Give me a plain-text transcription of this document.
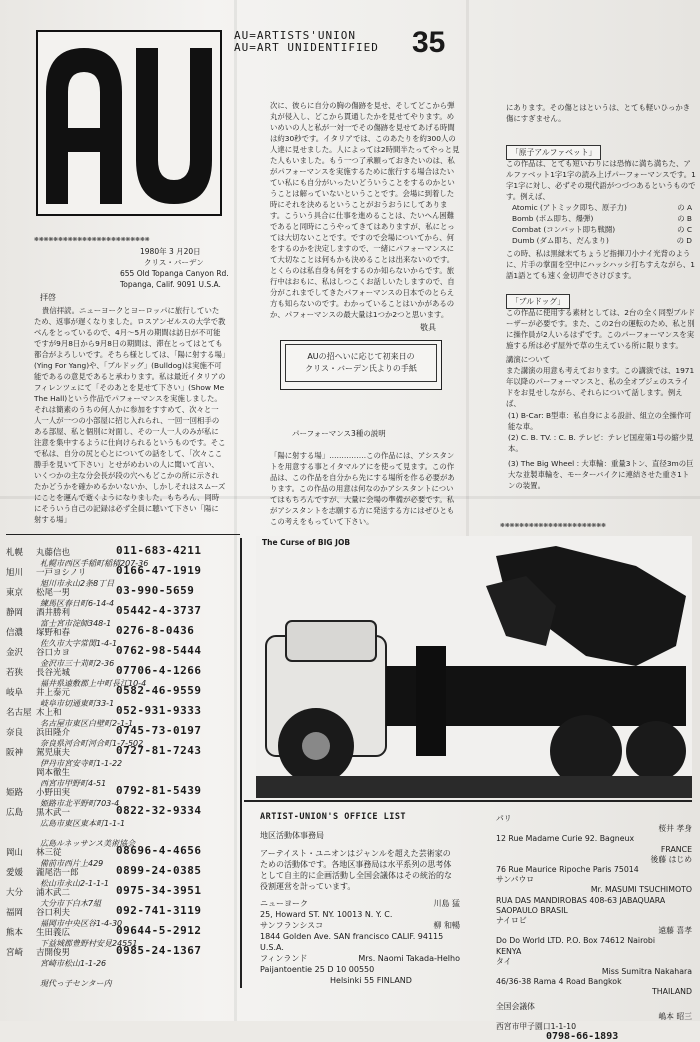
AU=ARTISTS'UNION
AU=ART UNIDENTIFIED 35
❋❋❋❋❋❋❋❋❋❋❋❋❋❋❋❋❋❋❋❋❋❋❋❋
1980年 3 月20日
クリス・バーデン
655 Old Topanga Canyon Rd.
Topanga, Calif. 9091 U.S.A.
拝啓
貴信拝読。ニューヨークとヨーロッパに旅行していたため、返事が遅くなりました。ロスアンゼルスの大学で教べんをとっているので、4月～5月の期間は訪日が不可能ですが9月8日から9月8日の期間は、滞在とってはとても都合がよろしいです。そちら様としては、「陽に射する場」(Ying For Yang)や、「ブルドッグ」(Bulldog)は実施不可能であるの意見であると承わります。私は最近イタリアのフィレンツェにて「そのあとを見せて下さい」(Show Me The Hall)という作品でパフォーマンスを実施しました。それは簡素のうちの何人かに参加をすすめて、次々と一人一人が一つの小部屋に招じ入れられ、一回一回相手のある部屋、私と個別に対面し、その一人一人のみが私に注意を集中するように仕向けられるというものです。そこで私は、自分の尻と心とについての話をして、「次々ここ勝手を見いて下さい」とせがめわいの人に聞いて言い、いくつかの主な分会長が段の穴へもどこかの所に示されたかどうかを確かめるかいないか、しかしそれはスムーズにことを運んで逝くようになりました。もちろん、同時にそういう自己の記録は必ず全員に聴いて下さい「陽に射する場」
次に、彼らに自分の胸の傷跡を見せ、そしてどこから弾丸が侵入し、どこから貫通したかを見せてやります。めいめいの人と私が一対一でその傷跡を見せてあげる時間は約30秒です。イタリアでは、このあたりを約300人の人達に見せました。人によっては2時間半たってやっと見た人もいました。もう一つ了承願っておきたいのは、私がパフォーマンスを実施するために旅行する場合はたいてい私にも自分がいったいどういうことをするのかということは解っていないということです。会場に到着した時にそれを決めるということがおうおうにしてあります。こういう具合に仕事を進めることは、たいへん困難であると同時にこうやってきてはありますが、私にとっては大切ないことです。ですので会場についてから、何をするのかを決定しますので、一緒にパフォーマンスにて大切なことは何もかも決めることは出来ないのです。とくらのは私自身も何をするのか知らないからです。旅行中はおもに、私はしつこくお話しいたしますので、自分がこれまでしてきたパフォーマンスの日本でのとらえ方も知らないのです。わかっていることはいかがあるのか、パフォーマンスの最大量は1つか2つと思います。
敬具
AUの招へいに応じて初来日の
クリス・バーデン氏よりの手紙
パーフォーマンス3種の説明
「陽に射する場」……………この作品には、アシスタントを用意する事とイタマルアにを使って見ます。この作品は、この作品を自分から先にする場所を作る必要があります。この作品の用意は何なのかアシスタントについてはもちろんですが、大量に会場の準備が必要です。私がアシスタントを志願する方に発送する方にはぜひともこの考えをもっていて下さい。
にあります。その傷とはというは、とても軽いひっかき傷にすぎません。
「原子アルファベット」
この作品は、とても短いわりには恐怖に満ち満ちた、アルファベット1字1字の読み上げパーフォーマンスです。1字1字に対し、必ずその現代語がつづつあるというものです。例えば、
Atomic (アトミック即ち、原子力)	の A
Bomb (ボム即ち、爆弾)	の B
Combat (コンバット即ち戦闘)	の C
Dumb (ダム即ち、だんまり)	の D
この時、私は黒縁末てちょうど指揮刀小ナイ光背のように、片手の掌面を空中にハッシハッシ打ちすえながら、1語1語とても速く金切声でさけびます。
「ブルドッグ」
この作品に使用する素材としては、2台の全く同型ブルドーザーが必要です。また、この2台の運転のため、私と別に操作員が2人いるはずです。このパーフォーマンスを実施する所は必ず屋外で草の生えている所に限ります。
講演について
また講演の用意も考えております。この講演では、1971年以降のパーフォーマンスと、私の全オブジェのスライドをお見せしながら、それらについて話します。例えば、
(1) B-Car: B型車：私自身による設計、組立の全操作可能な車。
(2) C. B. TV. : C. B. テレビ：テレビ国産第1号の縮少見本。
(3) The Big Wheel : 大車輪：重量3トン、直径3mの巨大な並製車輪を、モーターバイクに連結させた重さ1トンの装置。
❋❋❋❋❋❋❋❋❋❋❋❋❋❋❋❋❋❋❋❋❋❋
札幌 丸藤信也	011-683-4211
札幌市西区手稲町稲積207-36
旭川 一戸ヨシノリ	0166-47-1919
旭川市永山2条8丁目
東京 松尾一男	03-990-5659
練馬区春日町6-14-4
静岡 酒井勝利	05442-4-3737
富士宮市淀師348-1
信濃 塚野和春	0276-8-0436
佐久市大字常関1-4-1
金沢 谷口カヨ	0762-98-5444
金沢市三十苅町2-36
若狭 長谷光城	07706-4-1266
福井県遠敷郡上中町長江10-4
岐阜 井上泰元	0582-46-9559
岐阜市切通東町33-1
名古屋 木上和	052-931-9333
名古屋市東区白壁町2-1-1
奈良 浜田隆介	0745-73-0197
奈良県河合町河合町1-7-502
阪神 駕児康夫	0727-81-7243
伊丹市宮安寺町1-1-22
岡本徹生
西宮市甲野町4-51
姫路 小野田実	0792-81-5439
姫路市北平野町703-4
広島 黒木武一	0822-32-9334
広島市東区東本町1-1-1
広島ルネッサンス美術協会
岡山 林三従	08696-4-4656
備前市西片上429
愛媛 瀧尾浩一郎	0899-24-0385
松山市永山2-1-1-1
大分 浦木武二	0975-34-3951
大分市下白木7組
福岡 谷口利夫	092-741-3119
福岡市中央区谷1-4-30
熊本 生田義広	09644-5-2912
下益城郡豊野村安見24551
宮崎 吉開俊男	0985-24-1367
宮崎市松山1-1-26
現代っ子センター内
The Curse of BIG JOB
ARTIST-UNION'S OFFICE LIST
地区活動体事務局
アーテイスト・ユニオンはジャンルを超えた芸術家のための活動体です。各地区事務局は水平系列の思考体として自主的に企画活動し全国会議体はその統治的な役割運営を計っています。
ニューヨーク	川島 猛
25, Howard ST. NY. 10013 N. Y. C.
サンフランシスコ	柳 和暢
1844 Golden Ave. SAN francisco CALIF. 94115 U.S.A.
フィンランド	Mrs. Naomi Takada-Helho
Paijantoentie 25 D 10 00550
Helsinki 55 FINLAND
パリ
桜井 孝身
12 Rue Madame Curie 92. Bagneux
FRANCE
後藤 はじめ
76 Rue Maurice Ripoche Paris 75014
サンパウロ
Mr. MASUMI TSUCHIMOTO
RUA DAS MANDIROBAS 408-63 JABAQUARA
SAOPAULO BRASIL
ナイロビ
遠藤 喜孝
Do Do World LTD. P.O. Box 74612 Nairobi
KENYA
タイ
Miss Sumitra Nakahara
46/36-38 Rama 4 Road Bangkok
THAILAND
全国会議体
嶋本 昭三
西宮市甲子園口1-1-10
0798-66-1893
